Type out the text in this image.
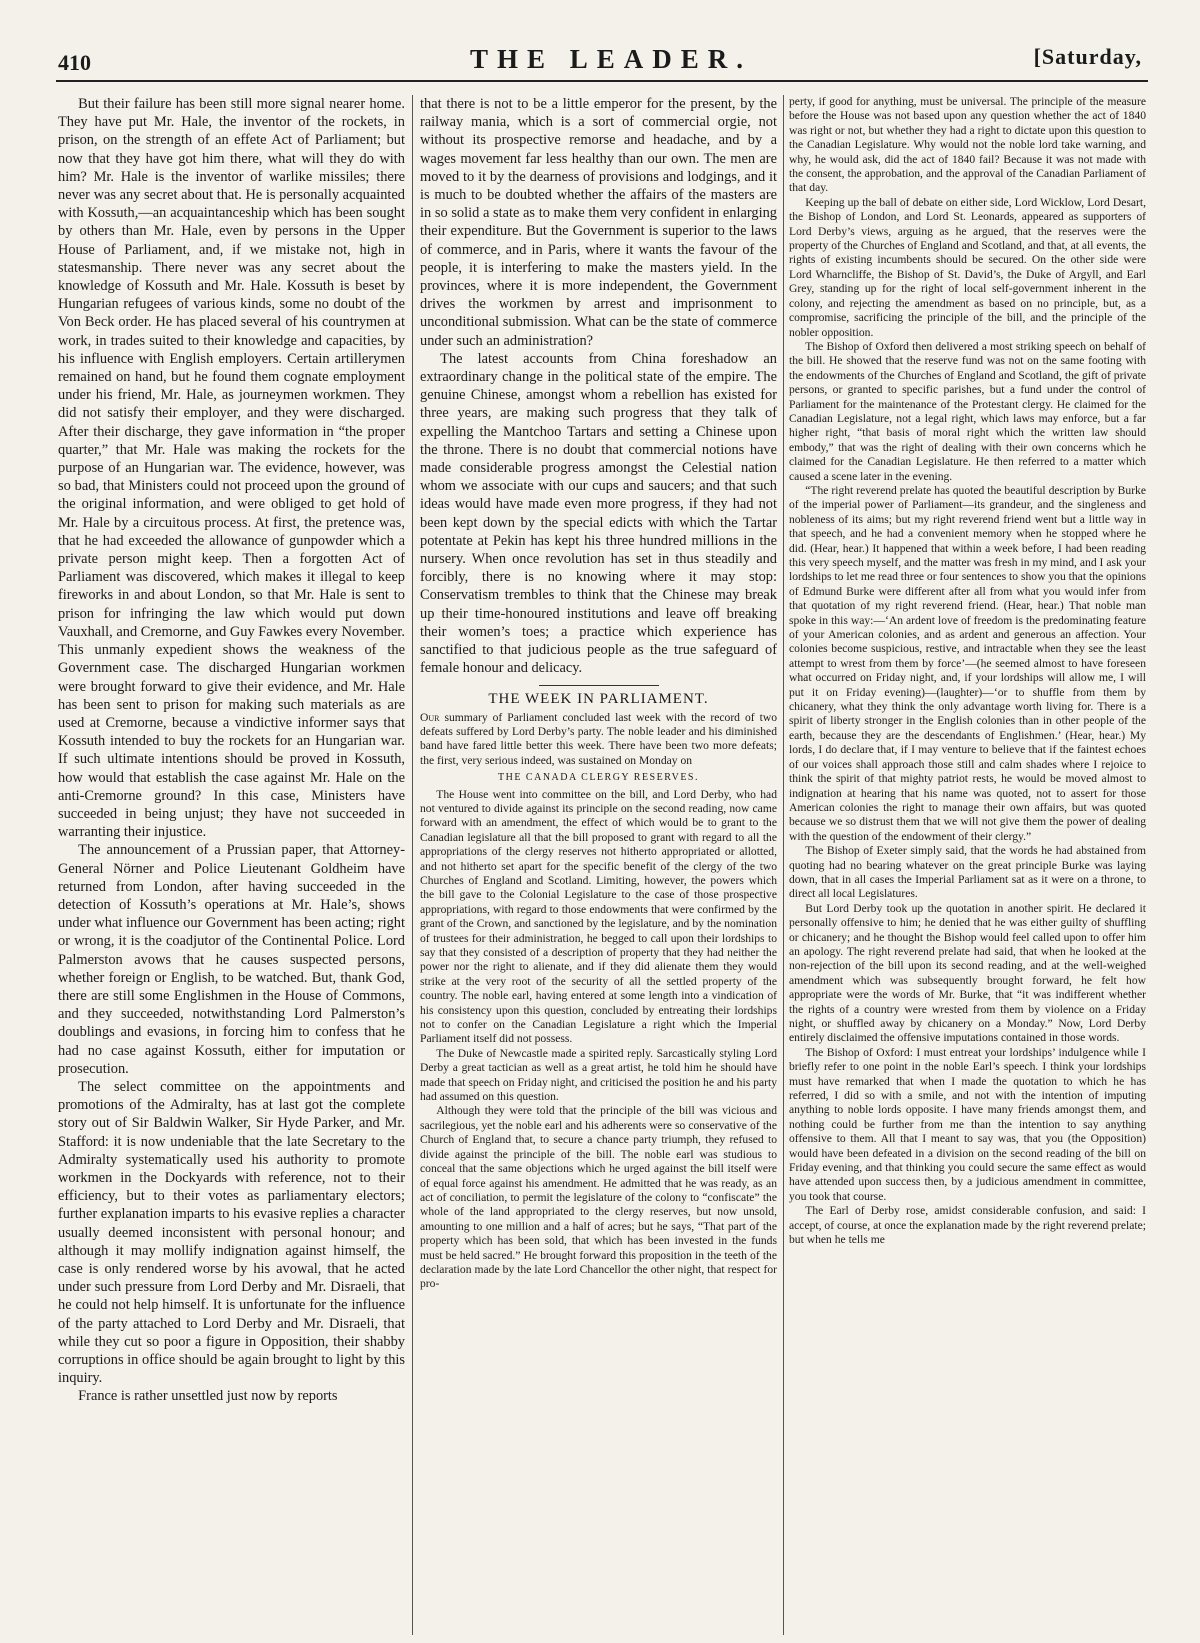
410	THE LEADER.	[Saturday,

But their failure has been still more signal nearer home. They have put Mr. Hale, the inventor of the rockets, in prison, on the strength of an effete Act of Parliament; but now that they have got him there, what will they do with him? Mr. Hale is the inventor of warlike missiles; there never was any secret about that. He is personally acquainted with Kossuth,—an acquaintanceship which has been sought by others than Mr. Hale, even by persons in the Upper House of Parliament, and, if we mistake not, high in statesmanship. There never was any secret about the knowledge of Kossuth and Mr. Hale. Kossuth is beset by Hungarian refugees of various kinds, some no doubt of the Von Beck order. He has placed several of his countrymen at work, in trades suited to their knowledge and capacities, by his influence with English employers. Certain artillerymen remained on hand, but he found them cognate employment under his friend, Mr. Hale, as journeymen workmen. They did not satisfy their employer, and they were discharged. After their discharge, they gave information in “the proper quarter,” that Mr. Hale was making the rockets for the purpose of an Hungarian war. The evidence, however, was so bad, that Ministers could not proceed upon the ground of the original information, and were obliged to get hold of Mr. Hale by a circuitous process. At first, the pretence was, that he had exceeded the allowance of gunpowder which a private person might keep. Then a forgotten Act of Parliament was discovered, which makes it illegal to keep fireworks in and about London, so that Mr. Hale is sent to prison for infringing the law which would put down Vauxhall, and Cremorne, and Guy Fawkes every November. This unmanly expedient shows the weakness of the Government case. The discharged Hungarian workmen were brought forward to give their evidence, and Mr. Hale has been sent to prison for making such materials as are used at Cremorne, because a vindictive informer says that Kossuth intended to buy the rockets for an Hungarian war. If such ultimate intentions should be proved in Kossuth, how would that establish the case against Mr. Hale on the anti-Cremorne ground? In this case, Ministers have succeeded in being unjust; they have not succeeded in warranting their injustice.

The announcement of a Prussian paper, that Attorney-General Nörner and Police Lieutenant Goldheim have returned from London, after having succeeded in the detection of Kossuth’s operations at Mr. Hale’s, shows under what influence our Government has been acting; right or wrong, it is the coadjutor of the Continental Police. Lord Palmerston avows that he causes suspected persons, whether foreign or English, to be watched. But, thank God, there are still some Englishmen in the House of Commons, and they succeeded, notwithstanding Lord Palmerston’s doublings and evasions, in forcing him to confess that he had no case against Kossuth, either for imputation or prosecution.

The select committee on the appointments and promotions of the Admiralty, has at last got the complete story out of Sir Baldwin Walker, Sir Hyde Parker, and Mr. Stafford: it is now undeniable that the late Secretary to the Admiralty systematically used his authority to promote workmen in the Dockyards with reference, not to their efficiency, but to their votes as parliamentary electors; further explanation imparts to his evasive replies a character usually deemed inconsistent with personal honour; and although it may mollify indignation against himself, the case is only rendered worse by his avowal, that he acted under such pressure from Lord Derby and Mr. Disraeli, that he could not help himself. It is unfortunate for the influence of the party attached to Lord Derby and Mr. Disraeli, that while they cut so poor a figure in Opposition, their shabby corruptions in office should be again brought to light by this inquiry.

France is rather unsettled just now by reports

that there is not to be a little emperor for the present, by the railway mania, which is a sort of commercial orgie, not without its prospective remorse and headache, and by a wages movement far less healthy than our own. The men are moved to it by the dearness of provisions and lodgings, and it is much to be doubted whether the affairs of the masters are in so solid a state as to make them very confident in enlarging their expenditure. But the Government is superior to the laws of commerce, and in Paris, where it wants the favour of the people, it is interfering to make the masters yield. In the provinces, where it is more independent, the Government drives the workmen by arrest and imprisonment to unconditional submission. What can be the state of commerce under such an administration?

The latest accounts from China foreshadow an extraordinary change in the political state of the empire. The genuine Chinese, amongst whom a rebellion has existed for three years, are making such progress that they talk of expelling the Mantchoo Tartars and setting a Chinese upon the throne. There is no doubt that commercial notions have made considerable progress amongst the Celestial nation whom we associate with our cups and saucers; and that such ideas would have made even more progress, if they had not been kept down by the special edicts with which the Tartar potentate at Pekin has kept his three hundred millions in the nursery. When once revolution has set in thus steadily and forcibly, there is no knowing where it may stop: Conservatism trembles to think that the Chinese may break up their time-honoured institutions and leave off breaking their women’s toes; a practice which experience has sanctified to that judicious people as the true safeguard of female honour and delicacy.

THE WEEK IN PARLIAMENT.

Our summary of Parliament concluded last week with the record of two defeats suffered by Lord Derby’s party. The noble leader and his diminished band have fared little better this week. There have been two more defeats; the first, very serious indeed, was sustained on Monday on

THE CANADA CLERGY RESERVES.

The House went into committee on the bill, and Lord Derby, who had not ventured to divide against its principle on the second reading, now came forward with an amendment, the effect of which would be to grant to the Canadian legislature all that the bill proposed to grant with regard to all the appropriations of the clergy reserves not hitherto appropriated or allotted, and not hitherto set apart for the specific benefit of the clergy of the two Churches of England and Scotland. Limiting, however, the powers which the bill gave to the Colonial Legislature to the case of those prospective appropriations, with regard to those endowments that were confirmed by the grant of the Crown, and sanctioned by the legislature, and by the nomination of trustees for their administration, he begged to call upon their lordships to say that they consisted of a description of property that they had neither the power nor the right to alienate, and if they did alienate them they would strike at the very root of the security of all the settled property of the country. The noble earl, having entered at some length into a vindication of his consistency upon this question, concluded by entreating their lordships not to confer on the Canadian Legislature a right which the Imperial Parliament itself did not possess.

The Duke of Newcastle made a spirited reply. Sarcastically styling Lord Derby a great tactician as well as a great artist, he told him he should have made that speech on Friday night, and criticised the position he and his party had assumed on this question.

Although they were told that the principle of the bill was vicious and sacrilegious, yet the noble earl and his adherents were so conservative of the Church of England that, to secure a chance party triumph, they refused to divide against the principle of the bill. The noble earl was studious to conceal that the same objections which he urged against the bill itself were of equal force against his amendment. He admitted that he was ready, as an act of conciliation, to permit the legislature of the colony to “confiscate” the whole of the land appropriated to the clergy reserves, but now unsold, amounting to one million and a half of acres; but he says, “That part of the property which has been sold, that which has been invested in the funds must be held sacred.” He brought forward this proposition in the teeth of the declaration made by the late Lord Chancellor the other night, that respect for pro-

perty, if good for anything, must be universal. The principle of the measure before the House was not based upon any question whether the act of 1840 was right or not, but whether they had a right to dictate upon this question to the Canadian Legislature. Why would not the noble lord take warning, and why, he would ask, did the act of 1840 fail? Because it was not made with the consent, the approbation, and the approval of the Canadian Parliament of that day.

Keeping up the ball of debate on either side, Lord Wicklow, Lord Desart, the Bishop of London, and Lord St. Leonards, appeared as supporters of Lord Derby’s views, arguing as he argued, that the reserves were the property of the Churches of England and Scotland, and that, at all events, the rights of existing incumbents should be secured. On the other side were Lord Wharncliffe, the Bishop of St. David’s, the Duke of Argyll, and Earl Grey, standing up for the right of local self-government inherent in the colony, and rejecting the amendment as based on no principle, but, as a compromise, sacrificing the principle of the bill, and the principle of the nobler opposition.

The Bishop of Oxford then delivered a most striking speech on behalf of the bill. He showed that the reserve fund was not on the same footing with the endowments of the Churches of England and Scotland, the gift of private persons, or granted to specific parishes, but a fund under the control of Parliament for the maintenance of the Protestant clergy. He claimed for the Canadian Legislature, not a legal right, which laws may enforce, but a far higher right, “that basis of moral right which the written law should embody,” that was the right of dealing with their own concerns which he claimed for the Canadian Legislature. He then referred to a matter which caused a scene later in the evening.

“The right reverend prelate has quoted the beautiful description by Burke of the imperial power of Parliament—its grandeur, and the singleness and nobleness of its aims; but my right reverend friend went but a little way in that speech, and he had a convenient memory when he stopped where he did. (Hear, hear.) It happened that within a week before, I had been reading this very speech myself, and the matter was fresh in my mind, and I ask your lordships to let me read three or four sentences to show you that the opinions of Edmund Burke were different after all from what you would infer from that quotation of my right reverend friend. (Hear, hear.) That noble man spoke in this way:—‘An ardent love of freedom is the predominating feature of your American colonies, and as ardent and generous an affection. Your colonies become suspicious, restive, and intractable when they see the least attempt to wrest from them by force’—(he seemed almost to have foreseen what occurred on Friday night, and, if your lordships will allow me, I will put it on Friday evening)—(laughter)—‘or to shuffle from them by chicanery, what they think the only advantage worth living for. There is a spirit of liberty stronger in the English colonies than in other people of the earth, because they are the descendants of Englishmen.’ (Hear, hear.) My lords, I do declare that, if I may venture to believe that if the faintest echoes of our voices shall approach those still and calm shades where I rejoice to think the spirit of that mighty patriot rests, he would be moved almost to indignation at hearing that his name was quoted, not to assert for those American colonies the right to manage their own affairs, but was quoted because we so distrust them that we will not give them the power of dealing with the question of the endowment of their clergy.”

The Bishop of Exeter simply said, that the words he had abstained from quoting had no bearing whatever on the great principle Burke was laying down, that in all cases the Imperial Parliament sat as it were on a throne, to direct all local Legislatures.

But Lord Derby took up the quotation in another spirit. He declared it personally offensive to him; he denied that he was either guilty of shuffling or chicanery; and he thought the Bishop would feel called upon to offer him an apology. The right reverend prelate had said, that when he looked at the non-rejection of the bill upon its second reading, and at the well-weighed amendment which was subsequently brought forward, he felt how appropriate were the words of Mr. Burke, that “it was indifferent whether the rights of a country were wrested from them by violence on a Friday night, or shuffled away by chicanery on a Monday.” Now, Lord Derby entirely disclaimed the offensive imputations contained in those words.

The Bishop of Oxford: I must entreat your lordships’ indulgence while I briefly refer to one point in the noble Earl’s speech. I think your lordships must have remarked that when I made the quotation to which he has referred, I did so with a smile, and not with the intention of imputing anything to noble lords opposite. I have many friends amongst them, and nothing could be further from me than the intention to say anything offensive to them. All that I meant to say was, that you (the Opposition) would have been defeated in a division on the second reading of the bill on Friday evening, and that thinking you could secure the same effect as would have attended upon success then, by a judicious amendment in committee, you took that course.

The Earl of Derby rose, amidst considerable confusion, and said: I accept, of course, at once the explanation made by the right reverend prelate; but when he tells me
